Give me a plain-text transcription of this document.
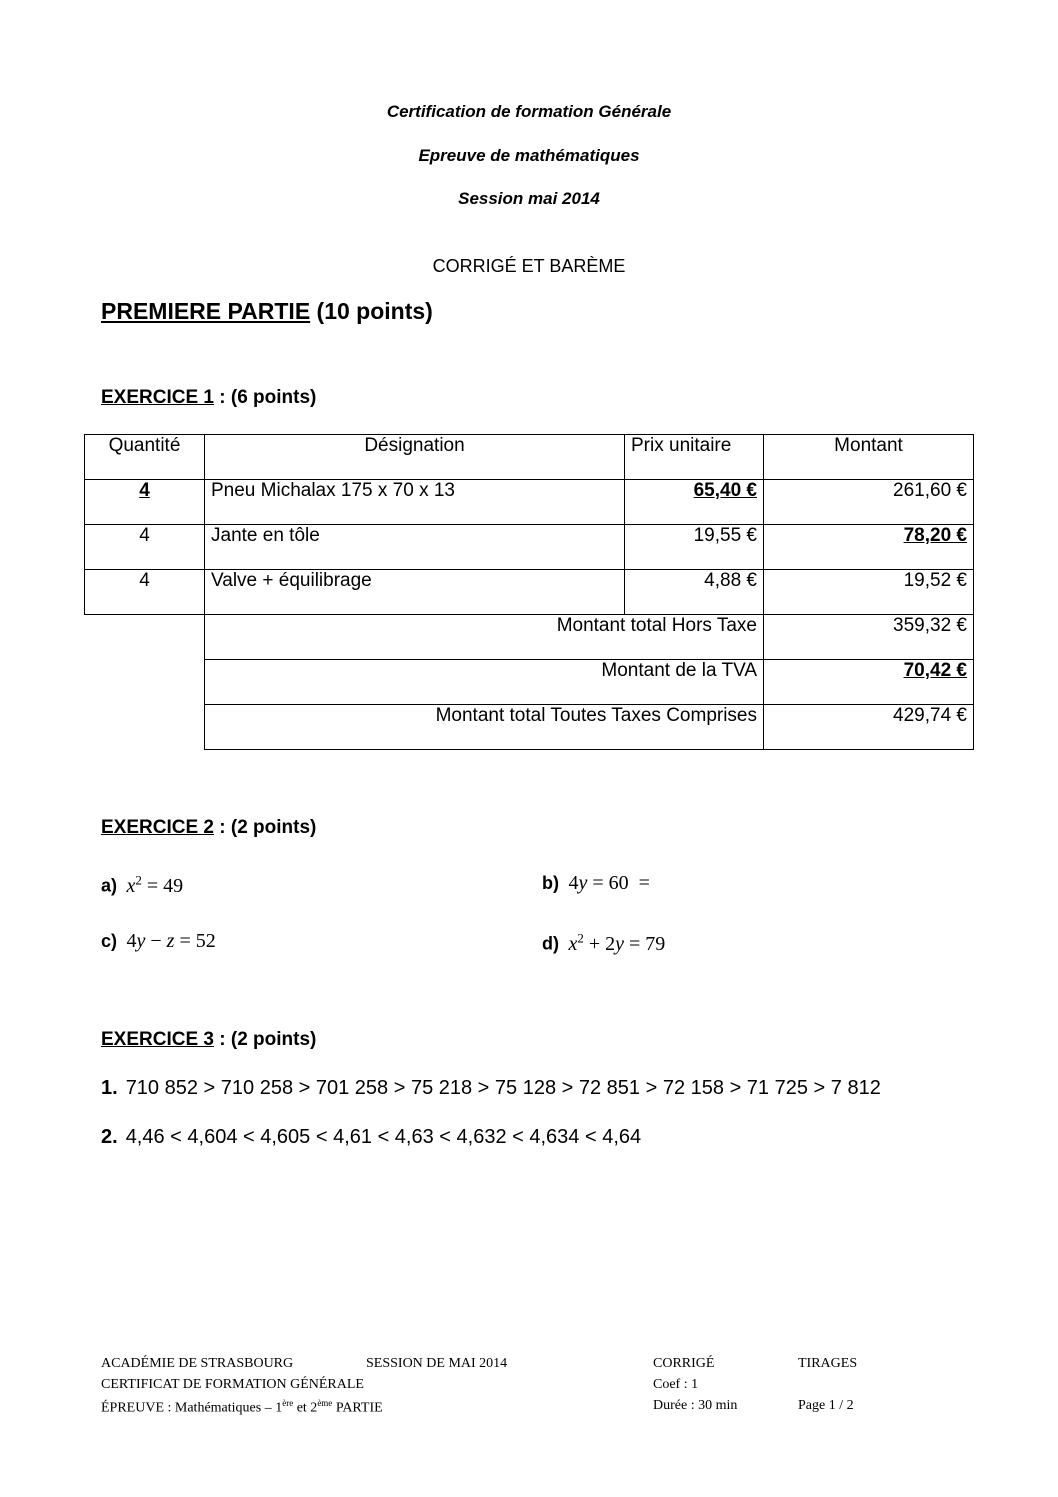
Certification de formation Générale
Epreuve de mathématiques
Session mai 2014
CORRIGÉ ET BARÈME
PREMIERE PARTIE (10 points)
EXERCICE 1 : (6 points)
Quantité	Désignation	Prix unitaire	Montant
4	Pneu Michalax 175 x 70 x 13	65,40 €	261,60 €
4	Jante en tôle	19,55 €	78,20 €
4	Valve + équilibrage	4,88 €	19,52 €
	Montant total Hors Taxe		359,32 €
	Montant de la TVA		70,42 €
	Montant total Toutes Taxes Comprises		429,74 €
EXERCICE 2 : (2 points)
a) $x^2 = 49$	b)  4y = 60  =
c)  4y − z = 52	d) $x^2 + 2y = 79$
EXERCICE 3 : (2 points)
1. 710 852 > 710 258 > 701 258 > 75 218 > 75 128 > 72 851 > 72 158 > 71 725 > 7 812
2. 4,46 < 4,604 < 4,605 < 4,61 < 4,63 < 4,632 < 4,634 < 4,64
ACADÉMIE DE STRASBOURG	SESSION DE MAI 2014	CORRIGÉ	TIRAGES
CERTIFICAT DE FORMATION GÉNÉRALE	Coef : 1
ÉPREUVE : Mathématiques – 1ère et 2ème PARTIE	Durée : 30 min	Page 1 / 2
